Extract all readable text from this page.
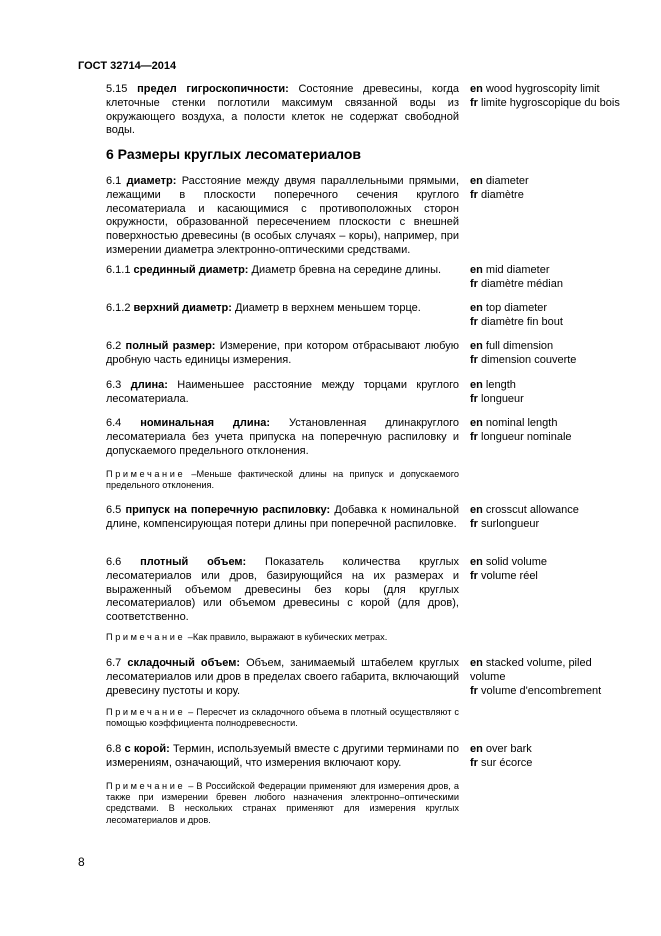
ГОСТ 32714—2014
5.15 предел гигроскопичности: Состояние древесины, когда клеточные стенки поглотили максимум связанной воды из окружающего воздуха, а полости клеток не содержат свободной воды.
en wood hygroscopity limit
fr limite hygroscopique du bois
6 Размеры круглых лесоматериалов
6.1 диаметр: Расстояние между двумя параллельными прямыми, лежащими в плоскости поперечного сечения круглого лесоматериала и касающимися с противоположных сторон окружности, образованной пересечением плоскости с внешней поверхностью древесины (в особых случаях – коры), например, при измерении диаметра электронно-оптическими средствами.
en diameter
fr diamètre
6.1.1 срединный диаметр: Диаметр бревна на середине длины.	en mid diameter
fr diamètre médian
6.1.2 верхний диаметр: Диаметр в верхнем меньшем торце.	en top diameter
fr diamètre fin bout
6.2 полный размер: Измерение, при котором отбрасывают любую дробную часть единицы измерения.
en full dimension
fr dimension couverte
6.3 длина: Наименьшее расстояние между торцами круглого лесоматериала.
en length
fr longueur
6.4 номинальная длина: Установленная длинакруглого лесоматериала без учета припуска на поперечную распиловку и допускаемого предельного отклонения.
en nominal length
fr longueur nominale
Примечание –Меньше фактической длины на припуск и допускаемого предельного отклонения.
6.5 припуск на поперечную распиловку: Добавка к номинальной длине, компенсирующая потери длины при поперечной распиловке.
en crosscut allowance
fr surlongueur
6.6 плотный объем: Показатель количества круглых лесоматериалов или дров, базирующийся на их размерах и выраженный объемом древесины без коры (для круглых лесоматериалов) или объемом древесины с корой (для дров), соответственно.
en solid volume
fr volume réel
Примечание –Как правило, выражают в кубических метрах.
6.7 складочный объем: Объем, занимаемый штабелем круглых лесоматериалов или дров в пределах своего габарита, включающий древесину пустоты и кору.
en stacked volume, piled volume
fr volume d'encombrement
Примечание – Пересчет из складочного объема в плотный осуществляют с помощью коэффициента полнодревесности.
6.8 с корой: Термин, используемый вместе с другими терминами по измерениям, означающий, что измерения включают кору.
en over bark
fr sur écorce
Примечание – В Российской Федерации применяют для измерения дров, а также при измерении бревен любого назначения электронно–оптическими средствами. В нескольких странах применяют для измерения круглых лесоматериалов и дров.
8
